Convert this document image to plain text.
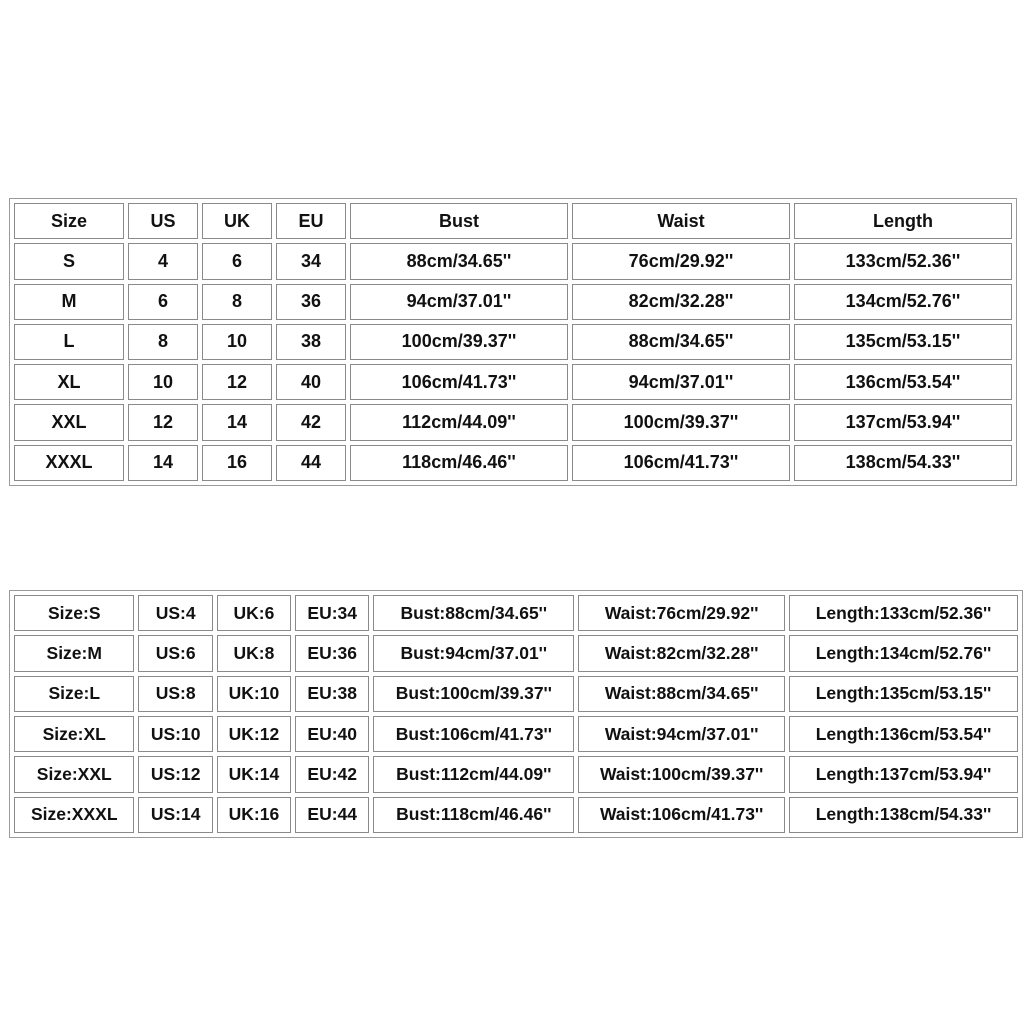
Size	US	UK	EU	Bust	Waist	Length
S	4	6	34	88cm/34.65''	76cm/29.92''	133cm/52.36''
M	6	8	36	94cm/37.01''	82cm/32.28''	134cm/52.76''
L	8	10	38	100cm/39.37''	88cm/34.65''	135cm/53.15''
XL	10	12	40	106cm/41.73''	94cm/37.01''	136cm/53.54''
XXL	12	14	42	112cm/44.09''	100cm/39.37''	137cm/53.94''
XXXL	14	16	44	118cm/46.46''	106cm/41.73''	138cm/54.33''
Size:S	US:4	UK:6	EU:34	Bust:88cm/34.65''	Waist:76cm/29.92''	Length:133cm/52.36''
Size:M	US:6	UK:8	EU:36	Bust:94cm/37.01''	Waist:82cm/32.28''	Length:134cm/52.76''
Size:L	US:8	UK:10	EU:38	Bust:100cm/39.37''	Waist:88cm/34.65''	Length:135cm/53.15''
Size:XL	US:10	UK:12	EU:40	Bust:106cm/41.73''	Waist:94cm/37.01''	Length:136cm/53.54''
Size:XXL	US:12	UK:14	EU:42	Bust:112cm/44.09''	Waist:100cm/39.37''	Length:137cm/53.94''
Size:XXXL	US:14	UK:16	EU:44	Bust:118cm/46.46''	Waist:106cm/41.73''	Length:138cm/54.33''
